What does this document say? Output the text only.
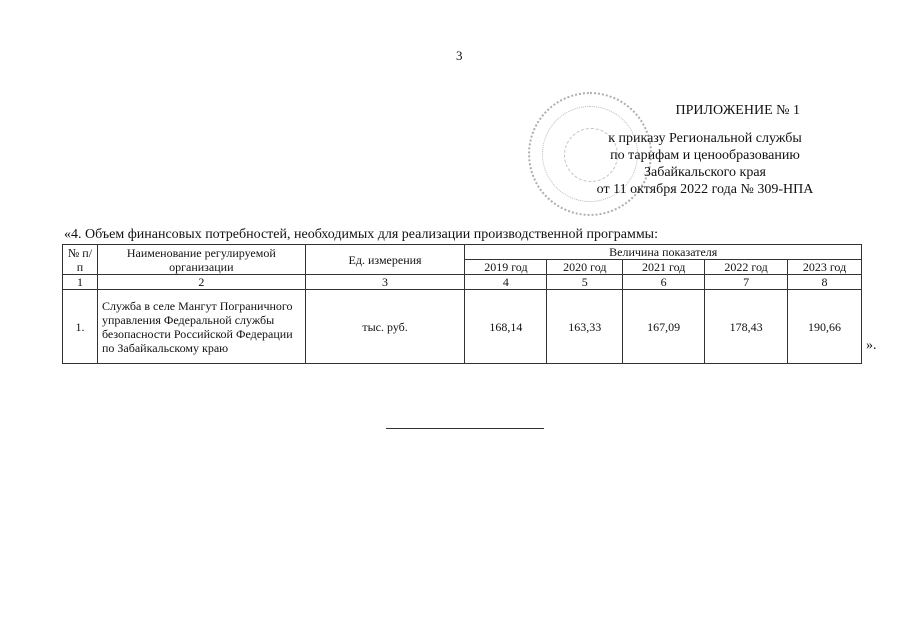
3
ПРИЛОЖЕНИЕ № 1
к приказу Региональной службы
по тарифам и ценообразованию
Забайкальского края
от 11 октября 2022 года № 309-НПА
«4. Объем финансовых потребностей, необходимых для реализации производственной программы:
№ п/п	Наименование регулируемой организации	Ед. измерения	Величина показателя				
			2019 год	2020 год	2021 год	2022 год	2023 год
1	2	3	4	5	6	7	8
1.	Служба в селе Мангут Пограничного управления Федеральной службы безопасности Российской Федерации по Забайкальскому краю	тыс. руб.	168,14	163,33	167,09	178,43	190,66
».
